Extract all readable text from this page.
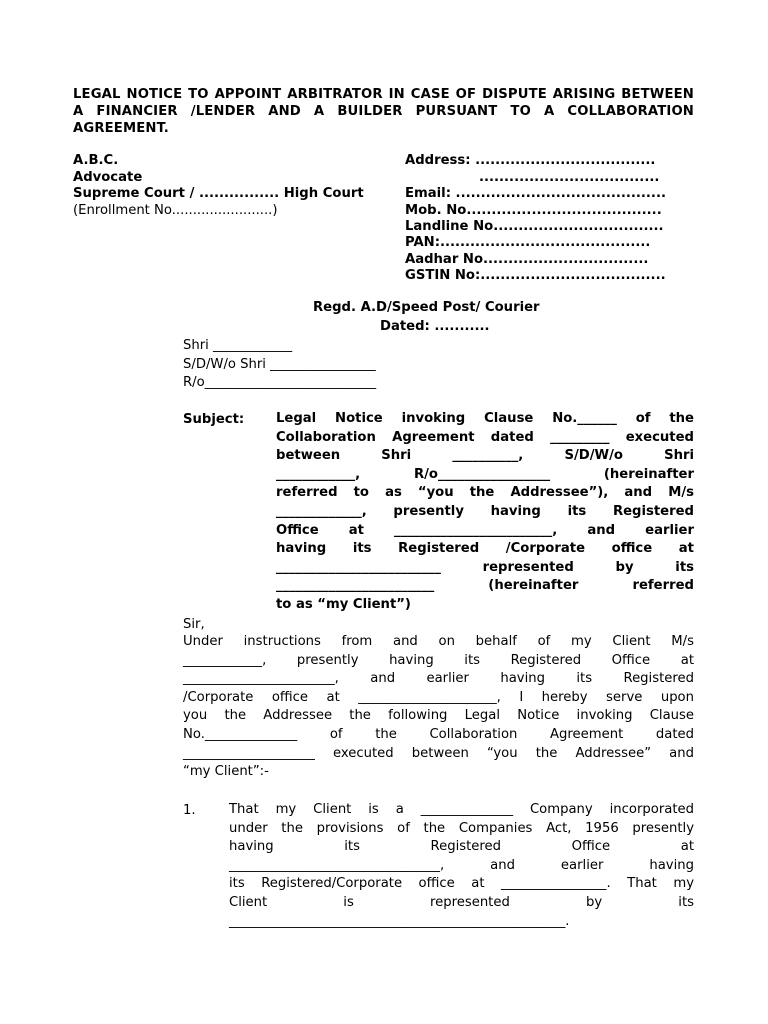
LEGAL NOTICE TO APPOINT ARBITRATOR IN CASE OF DISPUTE ARISING BETWEEN A FINANCIER /LENDER AND A BUILDER PURSUANT TO A COLLABORATION AGREEMENT.

A.B.C.
Advocate
Supreme Court / ................ High Court
(Enrollment No........................)
Address: ....................................
....................................
Email: ..........................................
Mob. No.......................................
Landline No..................................
PAN:..........................................
Aadhar No.................................
GSTIN No:.....................................
Regd. A.D/Speed Post/ Courier
Dated: ...........
Shri ____________
S/D/W/o Shri ________________
R/o__________________________
Subject: Legal Notice invoking Clause No.______ of the
Collaboration Agreement dated _________ executed
between Shri __________, S/D/W/o Shri
____________, R/o_________________ (hereinafter
referred to as “you the Addressee”), and M/s
_____________, presently having its Registered
Office at ________________________, and earlier
having its Registered /Corporate office at
_________________________ represented by its
________________________ (hereinafter referred
to as “my Client”)
Sir,
Under instructions from and on behalf of my Client M/s
____________, presently having its Registered Office at
_______________________, and earlier having its Registered
/Corporate office at _____________________, I hereby serve upon
you the Addressee the following Legal Notice invoking Clause
No.______________ of the Collaboration Agreement dated
____________________ executed between “you the Addressee” and
“my Client”:-
1.	That my Client is a ______________ Company incorporated
under the provisions of the Companies Act, 1956 presently
having its Registered Office at
________________________________, and earlier having
its Registered/Corporate office at ________________. That my
Client is represented by its
___________________________________________________.
